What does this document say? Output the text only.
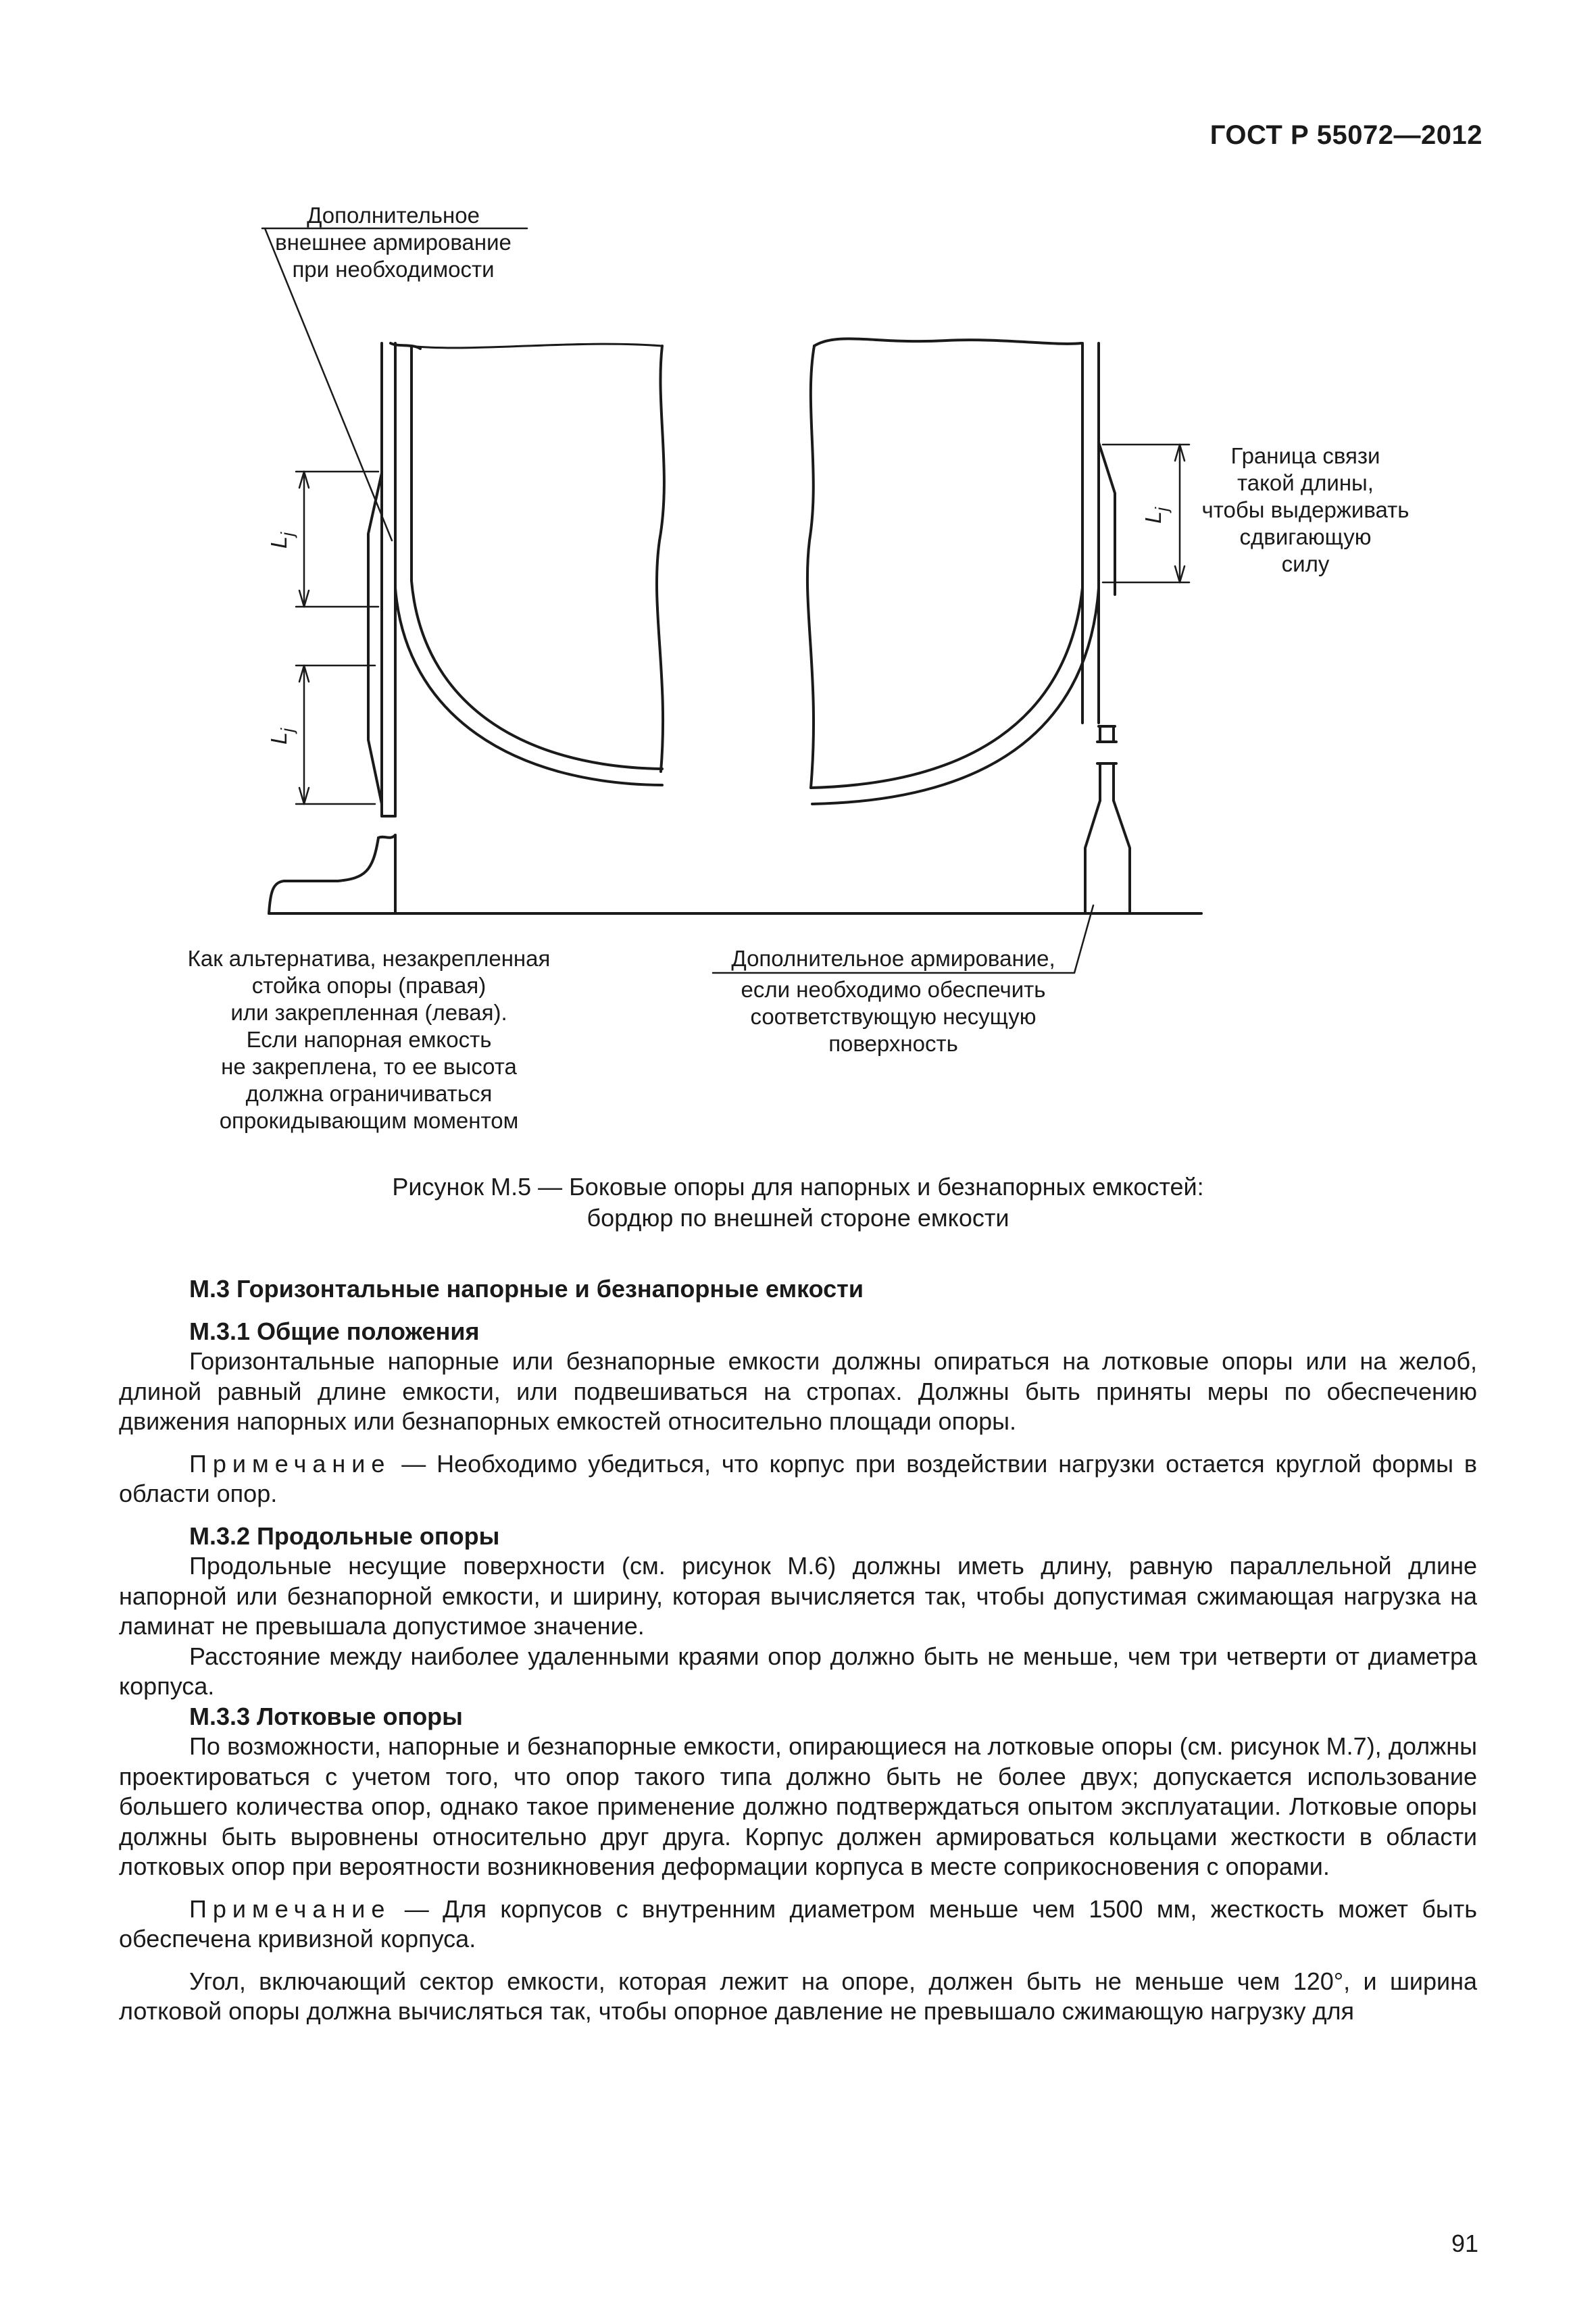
ГОСТ Р 55072—2012
$L_j$
$L_j$
$L_j$
Дополнительное
внешнее армирование
при необходимости
Граница связи
такой длины,
чтобы выдерживать
сдвигающую
силу
Как альтернатива, незакрепленная
стойка опоры (правая)
или закрепленная (левая).
Если напорная емкость
не закреплена, то ее высота
должна ограничиваться
опрокидывающим моментом
Дополнительное армирование,
если необходимо обеспечить
соответствующую несущую
поверхность
Рисунок М.5 — Боковые опоры для напорных и безнапорных емкостей:
бордюр по внешней стороне емкости

М.3 Горизонтальные напорные и безнапорные емкости

М.3.1 Общие положения

Горизонтальные напорные или безнапорные емкости должны опираться на лотковые опоры или на желоб, длиной равный длине емкости, или подвешиваться на стропах. Должны быть приняты меры по обеспечению движения напорных или безнапорных емкостей относительно площади опоры.

Примечание — Необходимо убедиться, что корпус при воздействии нагрузки остается круглой формы в области опор.

М.3.2 Продольные опоры

Продольные несущие поверхности (см. рисунок М.6) должны иметь длину, равную параллельной длине напорной или безнапорной емкости, и ширину, которая вычисляется так, чтобы допустимая сжимающая нагрузка на ламинат не превышала допустимое значение.

Расстояние между наиболее удаленными краями опор должно быть не меньше, чем три четверти от диаметра корпуса.

М.3.3 Лотковые опоры

По возможности, напорные и безнапорные емкости, опирающиеся на лотковые опоры (см. рисунок М.7), должны проектироваться с учетом того, что опор такого типа должно быть не более двух; допускается использование большего количества опор, однако такое применение должно подтверждаться опытом эксплуатации. Лотковые опоры должны быть выровнены относительно друг друга. Корпус должен армироваться кольцами жесткости в области лотковых опор при вероятности возникновения деформации корпуса в месте соприкосновения с опорами.

Примечание — Для корпусов с внутренним диаметром меньше чем 1500 мм, жесткость может быть обеспечена кривизной корпуса.

Угол, включающий сектор емкости, которая лежит на опоре, должен быть не меньше чем 120°, и ширина лотковой опоры должна вычисляться так, чтобы опорное давление не превышало сжимающую нагрузку для

91
